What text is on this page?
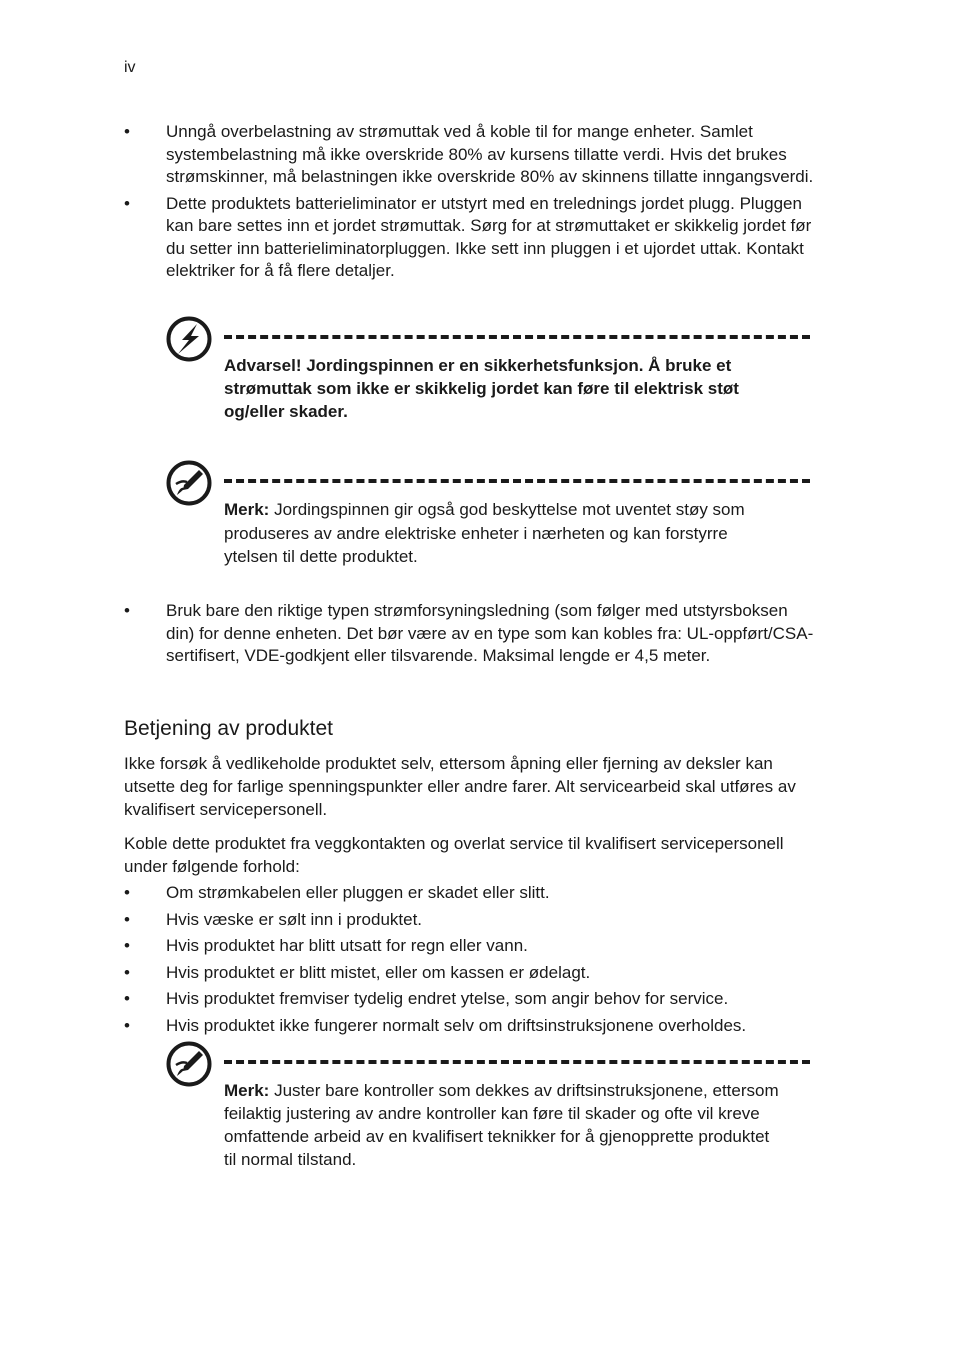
iv
• Unngå overbelastning av strømuttak ved å koble til for mange enheter. Samlet systembelastning må ikke overskride 80% av kursens tillatte verdi. Hvis det brukes strømskinner, må belastningen ikke overskride 80% av skinnens tillatte inngangsverdi.
• Dette produktets batterieliminator er utstyrt med en trelednings jordet plugg. Pluggen kan bare settes inn et jordet strømuttak. Sørg for at strømuttaket er skikkelig jordet før du setter inn batterieliminatorpluggen. Ikke sett inn pluggen i et ujordet uttak. Kontakt elektriker for å få flere detaljer.

Advarsel! Jordingspinnen er en sikkerhetsfunksjon. Å bruke et strømuttak som ikke er skikkelig jordet kan føre til elektrisk støt og/eller skader.

Merk: Jordingspinnen gir også god beskyttelse mot uventet støy som produseres av andre elektriske enheter i nærheten og kan forstyrre ytelsen til dette produktet.

• Bruk bare den riktige typen strømforsyningsledning (som følger med utstyrsboksen din) for denne enheten. Det bør være av en type som kan kobles fra: UL-oppført/CSA-sertifisert, VDE-godkjent eller tilsvarende. Maksimal lengde er 4,5 meter.
Betjening av produktet

Ikke forsøk å vedlikeholde produktet selv, ettersom åpning eller fjerning av deksler kan utsette deg for farlige spenningspunkter eller andre farer. Alt servicearbeid skal utføres av kvalifisert servicepersonell.

Koble dette produktet fra veggkontakten og overlat service til kvalifisert servicepersonell under følgende forhold:

• Om strømkabelen eller pluggen er skadet eller slitt.
• Hvis væske er sølt inn i produktet.
• Hvis produktet har blitt utsatt for regn eller vann.
• Hvis produktet er blitt mistet, eller om kassen er ødelagt.
• Hvis produktet fremviser tydelig endret ytelse, som angir behov for service.
• Hvis produktet ikke fungerer normalt selv om driftsinstruksjonene overholdes.

Merk: Juster bare kontroller som dekkes av driftsinstruksjonene, ettersom feilaktig justering av andre kontroller kan føre til skader og ofte vil kreve omfattende arbeid av en kvalifisert teknikker for å gjenopprette produktet til normal tilstand.
